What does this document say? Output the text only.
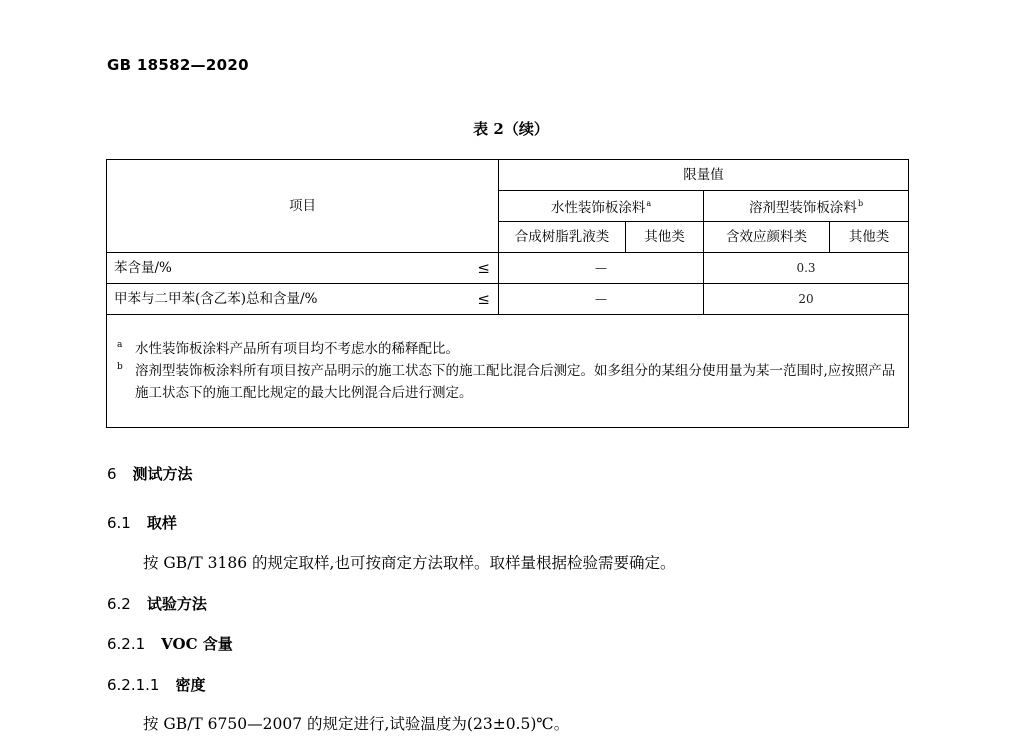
GB 18582—2020
表 2（续）
项目	限量值			
	水性装饰板涂料$^a$		溶剂型装饰板涂料$^b$
	合成树脂乳液类	其他类	含效应颜料类	其他类
苯含量/% ≤	—		0.3	
甲苯与二甲苯(含乙苯)总和含量/% ≤	—		20	

a 水性装饰板涂料产品所有项目均不考虑水的稀释配比。
b 溶剂型装饰板涂料所有项目按产品明示的施工状态下的施工配比混合后测定。如多组分的某组分使用量为某一范围时,应按照产品施工状态下的施工配比规定的最大比例混合后进行测定。				
6 测试方法
6.1 取样
按 GB/T 3186 的规定取样,也可按商定方法取样。取样量根据检验需要确定。
6.2 试验方法
6.2.1 VOC 含量
6.2.1.1 密度
按 GB/T 6750—2007 的规定进行,试验温度为(23±0.5)℃。
